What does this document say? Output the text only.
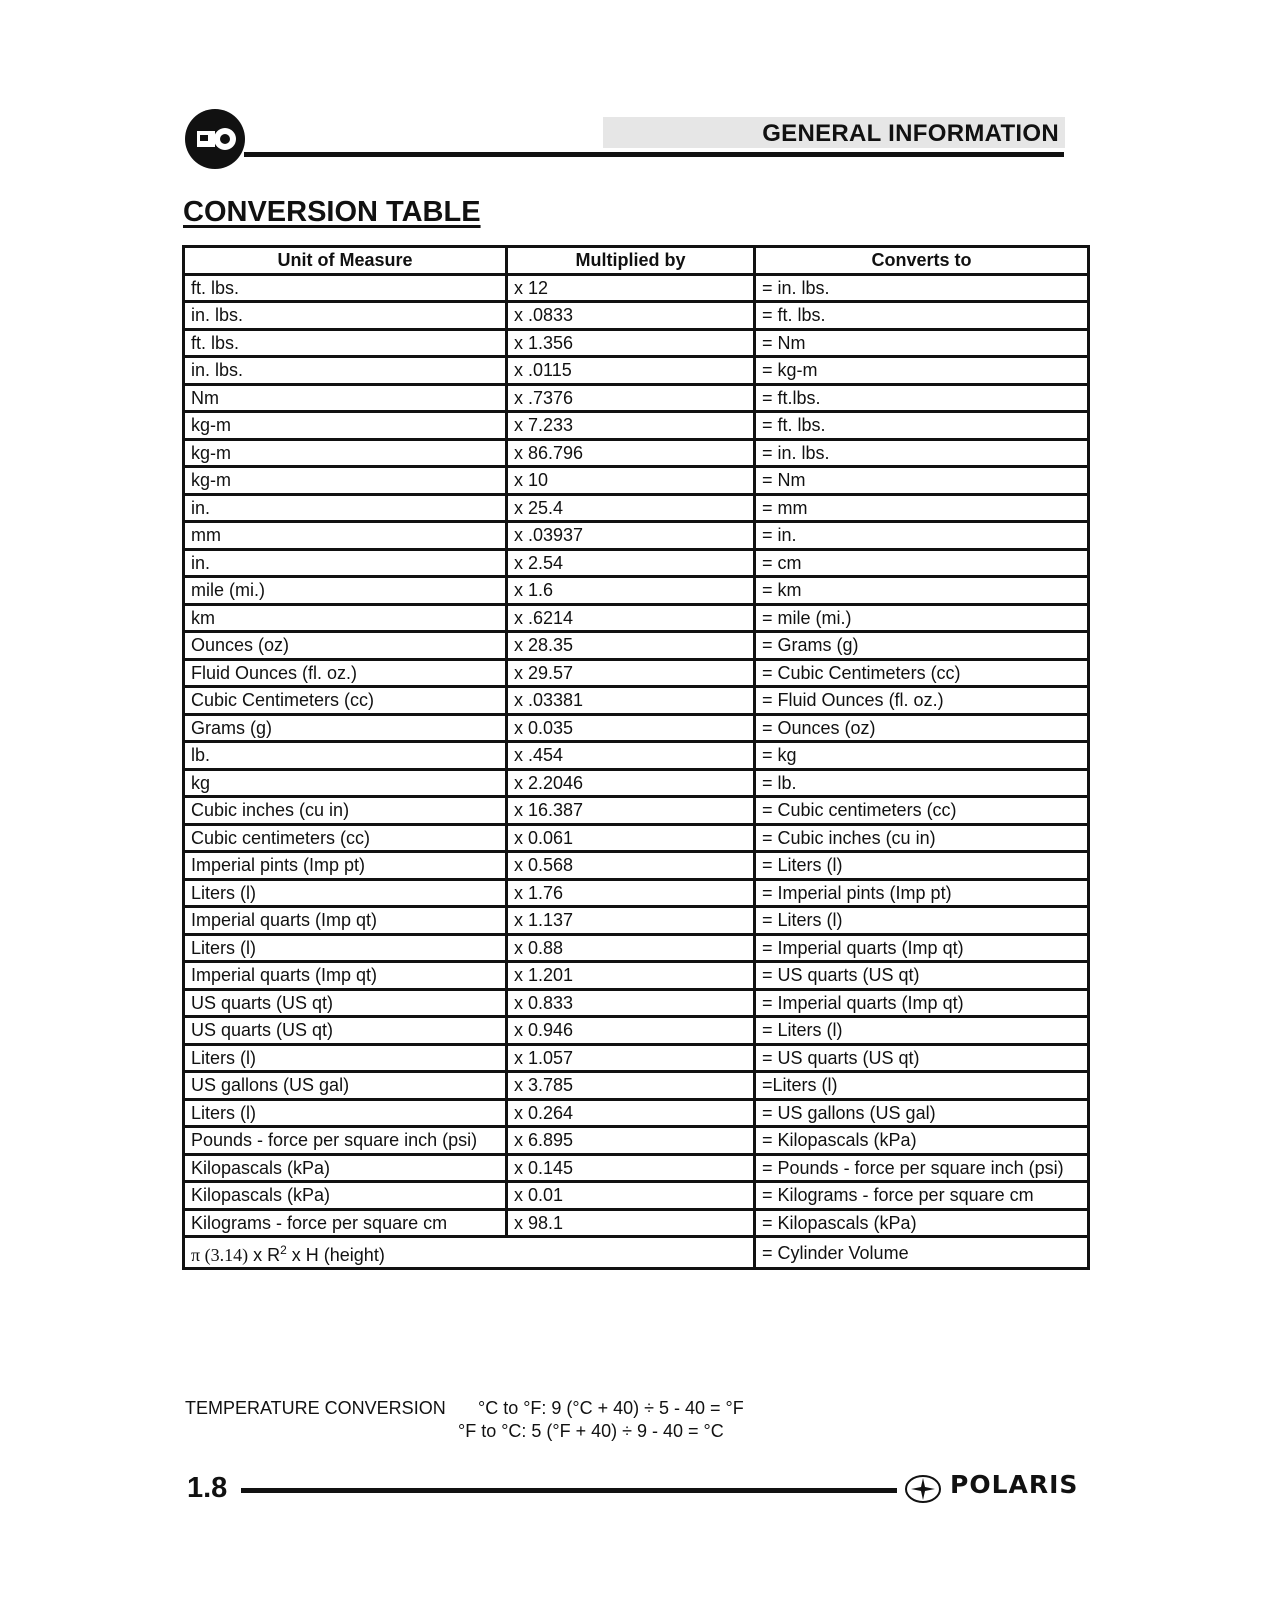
GENERAL INFORMATION
CONVERSION TABLE
Unit of Measure	Multiplied by	Converts to
ft. lbs.	x 12	= in. lbs.
in. lbs.	x .0833	= ft. lbs.
ft. lbs.	x 1.356	= Nm
in. lbs.	x .0115	= kg-m
Nm	x .7376	= ft.lbs.
kg-m	x 7.233	= ft. lbs.
kg-m	x 86.796	= in. lbs.
kg-m	x 10	= Nm
in.	x 25.4	= mm
mm	x .03937	= in.
in.	x 2.54	= cm
mile (mi.)	x 1.6	= km
km	x .6214	= mile (mi.)
Ounces (oz)	x 28.35	= Grams (g)
Fluid Ounces (fl. oz.)	x 29.57	= Cubic Centimeters (cc)
Cubic Centimeters (cc)	x .03381	= Fluid Ounces (fl. oz.)
Grams (g)	x 0.035	= Ounces (oz)
lb.	x .454	= kg
kg	x 2.2046	= lb.
Cubic inches (cu in)	x 16.387	= Cubic centimeters (cc)
Cubic centimeters (cc)	x 0.061	= Cubic inches (cu in)
Imperial pints (Imp pt)	x 0.568	= Liters (l)
Liters (l)	x 1.76	= Imperial pints (Imp pt)
Imperial quarts (Imp qt)	x 1.137	= Liters (l)
Liters (l)	x 0.88	= Imperial quarts (Imp qt)
Imperial quarts (Imp qt)	x 1.201	= US quarts (US qt)
US quarts (US qt)	x 0.833	= Imperial quarts (Imp qt)
US quarts (US qt)	x 0.946	= Liters (l)
Liters (l)	x 1.057	= US quarts (US qt)
US gallons (US gal)	x 3.785	=Liters (l)
Liters (l)	x 0.264	= US gallons (US gal)
Pounds - force per square inch (psi)	x 6.895	= Kilopascals (kPa)
Kilopascals (kPa)	x 0.145	= Pounds - force per square inch (psi)
Kilopascals (kPa)	x 0.01	= Kilograms - force per square cm
Kilograms - force per square cm	x 98.1	= Kilopascals (kPa)
π (3.14) x $R^2$ x H (height)		= Cylinder Volume
TEMPERATURE CONVERSION °C to °F: 9 (°C + 40) ÷ 5 - 40 = °F
°F to °C: 5 (°F + 40) ÷ 9 - 40 = °C
1.8	POLARIS
